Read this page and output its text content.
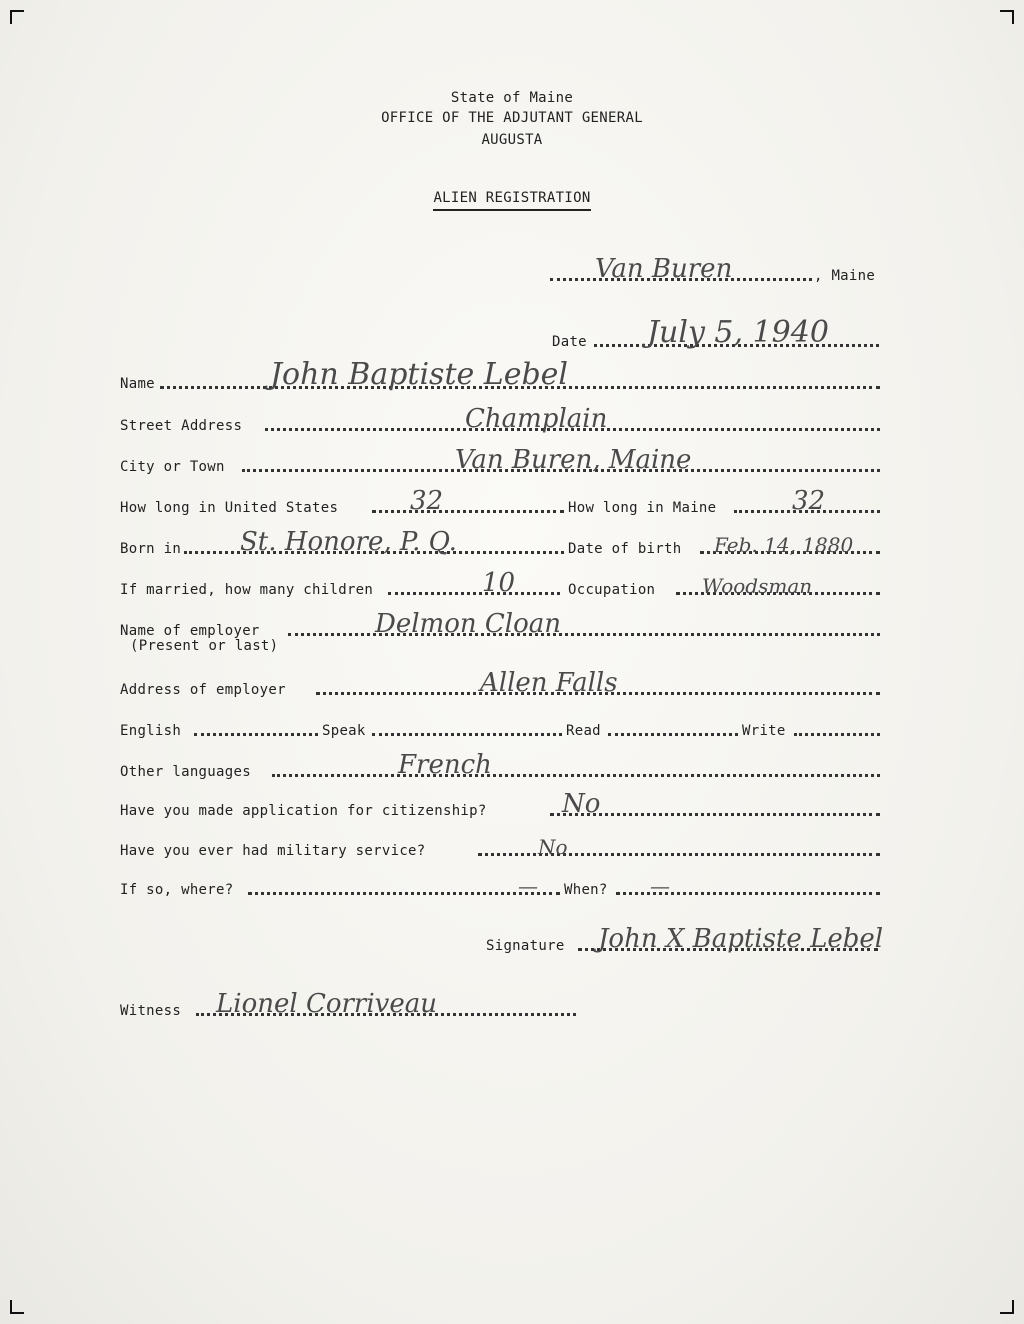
State of Maine
OFFICE OF THE ADJUTANT GENERAL
AUGUSTA
ALIEN REGISTRATION
Van Buren	, Maine
Date July 5, 1940
Name	John Baptiste Lebel
Street Address	Champlain
City or Town	Van Buren, Maine
How long in United States	32	How long in Maine	32
Born in St. Honore, P. Q.	Date of birth Feb. 14, 1880
If married, how many children	10	Occupation Woodsman
Name of employer	Delmon Cloan
(Present or last)
Address of employer	Allen Falls
English	Speak	Read	Write
Other languages	French
Have you made application for citizenship?	No
Have you ever had military service?	No
If so, where?	— When? —
Signature John X Baptiste Lebel
Witness Lionel Corriveau
